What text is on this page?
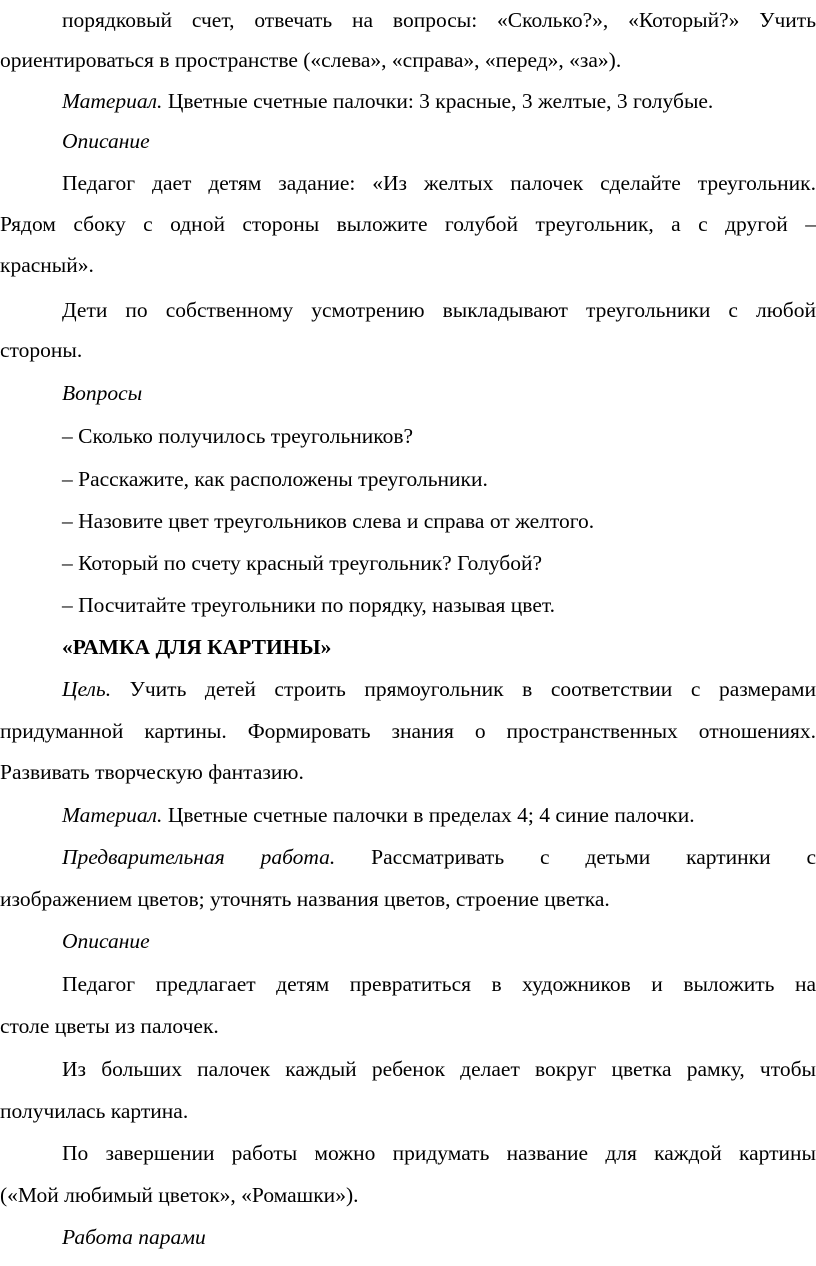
порядковый счет, отвечать на вопросы: «Сколько?», «Который?» Учить

ориентироваться в пространстве («слева», «справа», «перед», «за»).

Материал. Цветные счетные палочки: 3 красные, 3 желтые, 3 голубые.

Описание

Педагог дает детям задание: «Из желтых палочек сделайте треугольник.

Рядом сбоку с одной стороны выложите голубой треугольник, а с другой –

красный».

Дети по собственному усмотрению выкладывают треугольники с любой

стороны.

Вопросы

– Сколько получилось треугольников?

– Расскажите, как расположены треугольники.

– Назовите цвет треугольников слева и справа от желтого.

– Который по счету красный треугольник? Голубой?

– Посчитайте треугольники по порядку, называя цвет.

«РАМКА ДЛЯ КАРТИНЫ»

Цель. Учить детей строить прямоугольник в соответствии с размерами

придуманной картины. Формировать знания о пространственных отношениях.

Развивать творческую фантазию.

Материал. Цветные счетные палочки в пределах 4; 4 синие палочки.

Предварительная работа. Рассматривать с детьми картинки с

изображением цветов; уточнять названия цветов, строение цветка.

Описание

Педагог предлагает детям превратиться в художников и выложить на

столе цветы из палочек.

Из больших палочек каждый ребенок делает вокруг цветка рамку, чтобы

получилась картина.

По завершении работы можно придумать название для каждой картины

(«Мой любимый цветок», «Ромашки»).

Работа парами
